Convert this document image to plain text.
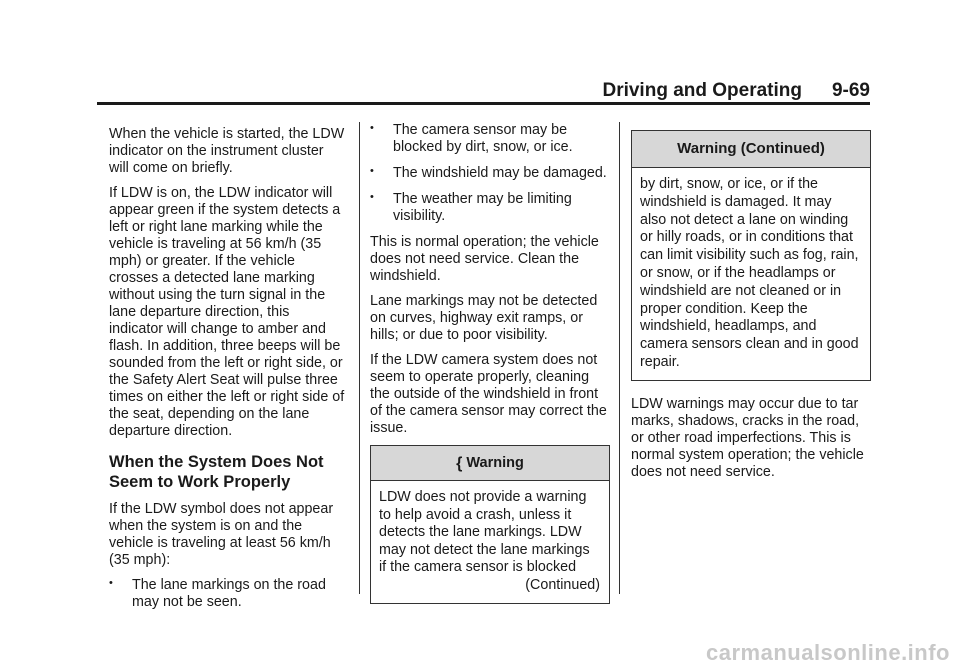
Driving and Operating 9-69

When the vehicle is started, the LDW indicator on the instrument cluster will come on briefly.

If LDW is on, the LDW indicator will appear green if the system detects a left or right lane marking while the vehicle is traveling at 56 km/h (35 mph) or greater. If the vehicle crosses a detected lane marking without using the turn signal in the lane departure direction, this indicator will change to amber and flash. In addition, three beeps will be sounded from the left or right side, or the Safety Alert Seat will pulse three times on either the left or right side of the seat, depending on the lane departure direction.

When the System Does Not Seem to Work Properly

If the LDW symbol does not appear when the system is on and the vehicle is traveling at least 56 km/h (35 mph):

• The lane markings on the road may not be seen.
• The camera sensor may be blocked by dirt, snow, or ice.
• The windshield may be damaged.
• The weather may be limiting visibility.

This is normal operation; the vehicle does not need service. Clean the windshield.

Lane markings may not be detected on curves, highway exit ramps, or hills; or due to poor visibility.

If the LDW camera system does not seem to operate properly, cleaning the outside of the windshield in front of the camera sensor may correct the issue.

{ Warning
LDW does not provide a warning to help avoid a crash, unless it detects the lane markings. LDW may not detect the lane markings if the camera sensor is blocked
(Continued)
Warning (Continued)
by dirt, snow, or ice, or if the windshield is damaged. It may also not detect a lane on winding or hilly roads, or in conditions that can limit visibility such as fog, rain, or snow, or if the headlamps or windshield are not cleaned or in proper condition. Keep the windshield, headlamps, and camera sensors clean and in good repair.

LDW warnings may occur due to tar marks, shadows, cracks in the road, or other road imperfections. This is normal system operation; the vehicle does not need service.

carmanualsonline.info
